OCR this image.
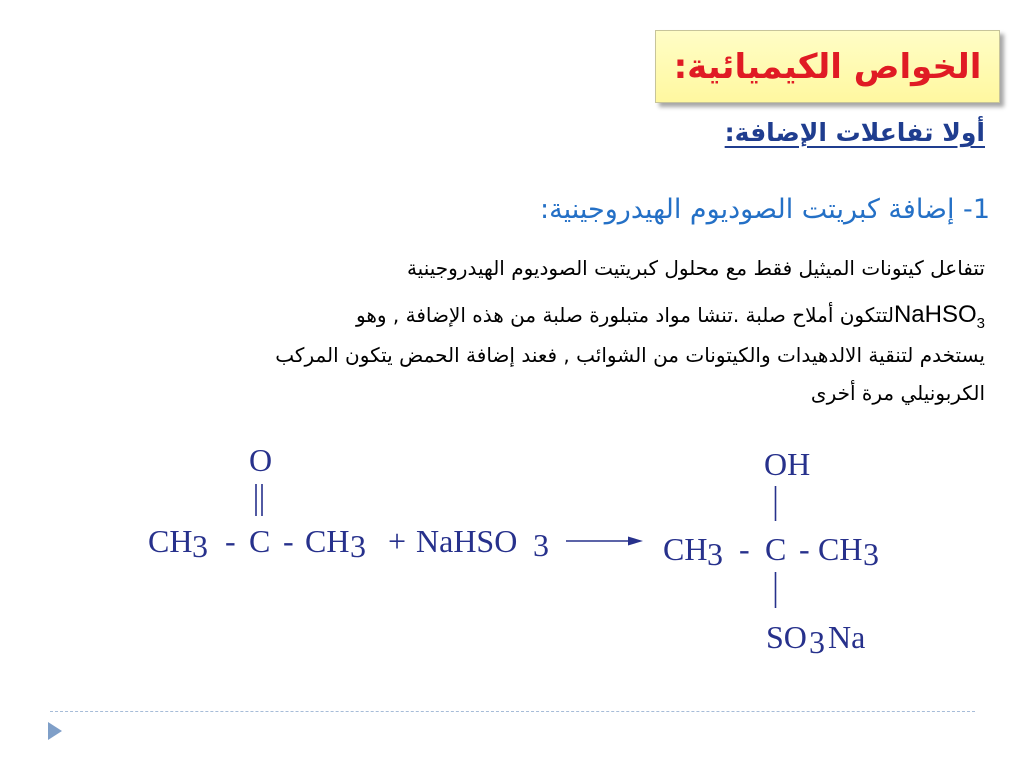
الخواص الكيميائية:
أولا تفاعلات الإضافة:
1- إضافة كبريتت الصوديوم الهيدروجينية:
تتفاعل كيتونات الميثيل فقط مع محلول كبريتيت الصوديوم الهيدروجينية
NaHSO$_3$لتتكون أملاح صلبة .تنشا مواد متبلورة صلبة من هذه الإضافة , وهو
يستخدم لتنقية الالدهيدات والكيتونات من الشوائب , فعند إضافة الحمض يتكون المركب
الكربونيلي مرة أخرى
O
CH 3 - C - CH 3 + NaHSO 3
OH
CH 3 - C - CH 3
SO 3 Na
